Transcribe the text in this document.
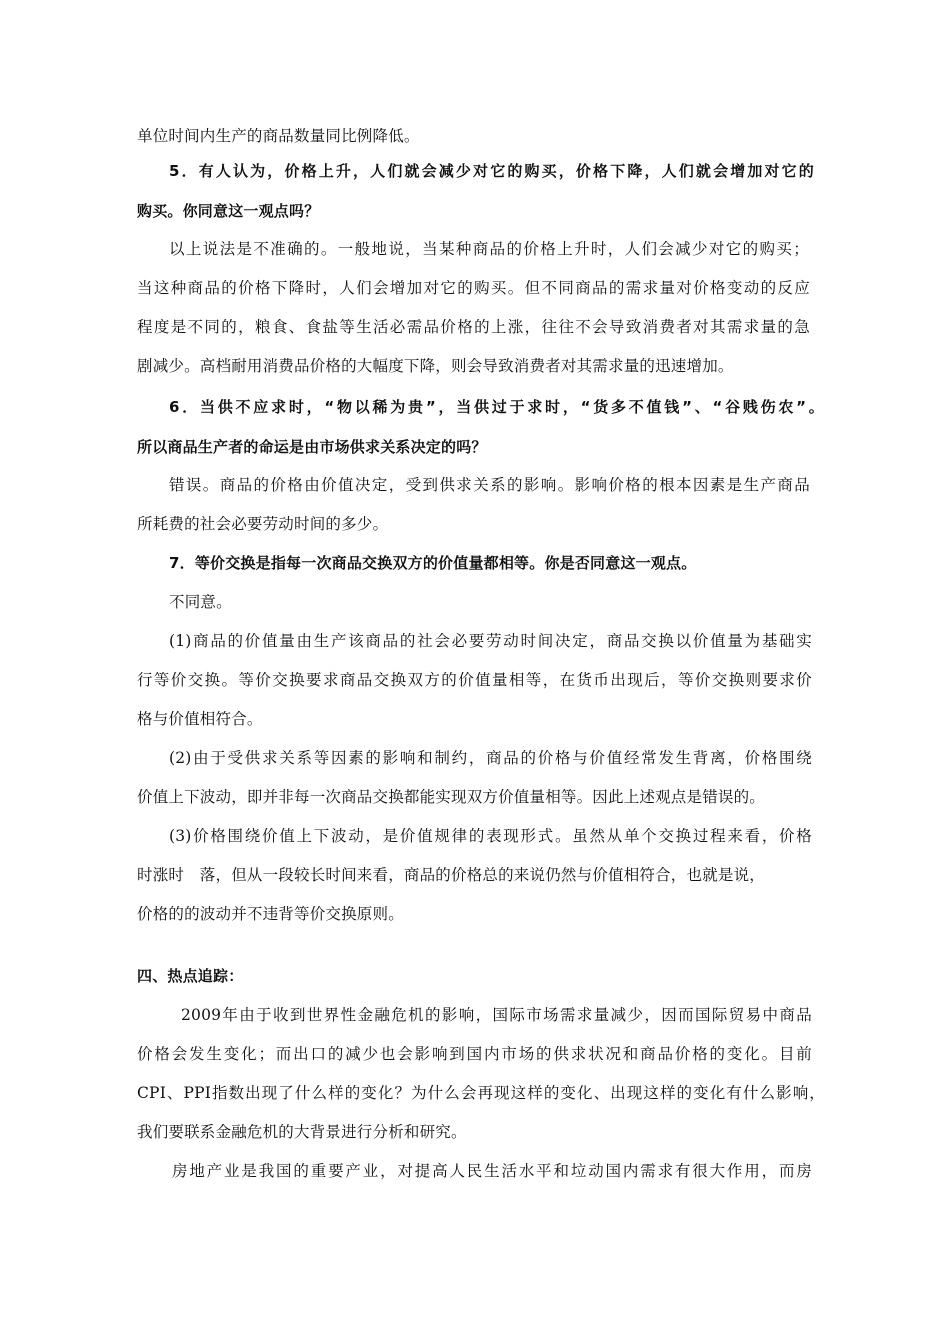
单位时间内生产的商品数量同比例降低。
5．有人认为，价格上升，人们就会减少对它的购买，价格下降，人们就会增加对它的
购买。你同意这一观点吗？
以上说法是不准确的。一般地说，当某种商品的价格上升时，人们会减少对它的购买；
当这种商品的价格下降时，人们会增加对它的购买。但不同商品的需求量对价格变动的反应
程度是不同的，粮食、食盐等生活必需品价格的上涨，往往不会导致消费者对其需求量的急
剧减少。高档耐用消费品价格的大幅度下降，则会导致消费者对其需求量的迅速增加。
6．当供不应求时，“物以稀为贵”，当供过于求时，“货多不值钱”、“谷贱伤农”。
所以商品生产者的命运是由市场供求关系决定的吗？
错误。商品的价格由价值决定，受到供求关系的影响。影响价格的根本因素是生产商品
所耗费的社会必要劳动时间的多少。
7．等价交换是指每一次商品交换双方的价值量都相等。你是否同意这一观点。
不同意。
(1)商品的价值量由生产该商品的社会必要劳动时间决定，商品交换以价值量为基础实
行等价交换。等价交换要求商品交换双方的价值量相等，在货币出现后，等价交换则要求价
格与价值相符合。
(2)由于受供求关系等因素的影响和制约，商品的价格与价值经常发生背离，价格围绕
价值上下波动，即并非每一次商品交换都能实现双方价值量相等。因此上述观点是错误的。
(3)价格围绕价值上下波动，是价值规律的表现形式。虽然从单个交换过程来看，价格
时涨时　落，但从一段较长时间来看，商品的价格总的来说仍然与价值相符合，也就是说，
价格的的波动并不违背等价交换原则。
四、热点追踪：
2009年由于收到世界性金融危机的影响，国际市场需求量减少，因而国际贸易中商品
价格会发生变化；而出口的减少也会影响到国内市场的供求状况和商品价格的变化。目前
CPI、PPI指数出现了什么样的变化？为什么会再现这样的变化、出现这样的变化有什么影响，
我们要联系金融危机的大背景进行分析和研究。
房地产业是我国的重要产业，对提高人民生活水平和垃动国内需求有很大作用，而房
